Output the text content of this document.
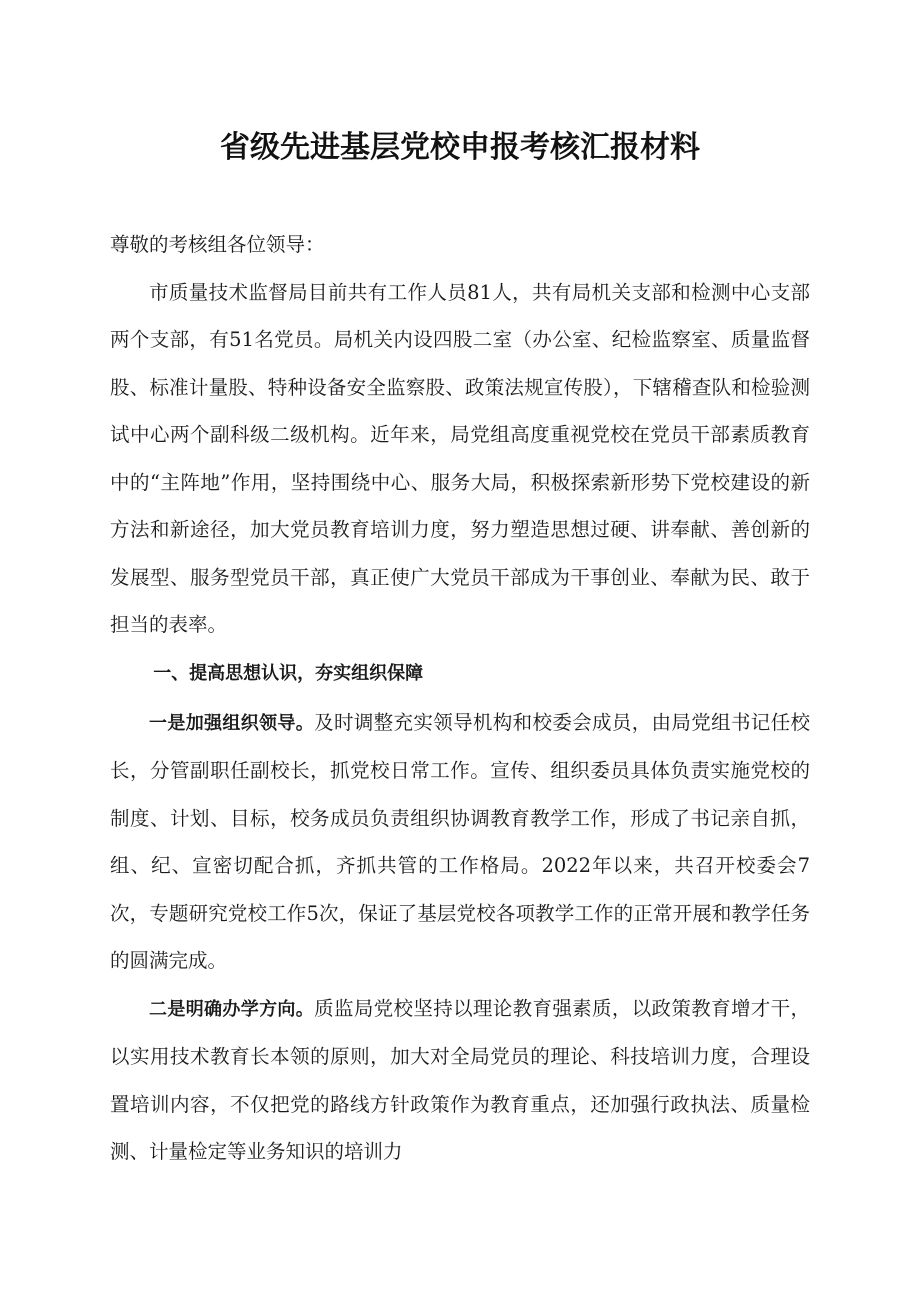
省级先进基层党校申报考核汇报材料

尊敬的考核组各位领导：

市质量技术监督局目前共有工作人员81人，共有局机关支部和检测中心支部两个支部，有51名党员。局机关内设四股二室（办公室、纪检监察室、质量监督股、标准计量股、特种设备安全监察股、政策法规宣传股），下辖稽查队和检验测试中心两个副科级二级机构。近年来，局党组高度重视党校在党员干部素质教育中的“主阵地”作用，坚持围绕中心、服务大局，积极探索新形势下党校建设的新方法和新途径，加大党员教育培训力度，努力塑造思想过硬、讲奉献、善创新的发展型、服务型党员干部，真正使广大党员干部成为干事创业、奉献为民、敢于担当的表率。

一、提高思想认识，夯实组织保障

一是加强组织领导。及时调整充实领导机构和校委会成员，由局党组书记任校长，分管副职任副校长，抓党校日常工作。宣传、组织委员具体负责实施党校的制度、计划、目标，校务成员负责组织协调教育教学工作，形成了书记亲自抓，组、纪、宣密切配合抓，齐抓共管的工作格局。2022年以来，共召开校委会7次，专题研究党校工作5次，保证了基层党校各项教学工作的正常开展和教学任务的圆满完成。

二是明确办学方向。质监局党校坚持以理论教育强素质，以政策教育增才干，以实用技术教育长本领的原则，加大对全局党员的理论、科技培训力度，合理设置培训内容，不仅把党的路线方针政策作为教育重点，还加强行政执法、质量检测、计量检定等业务知识的培训力
